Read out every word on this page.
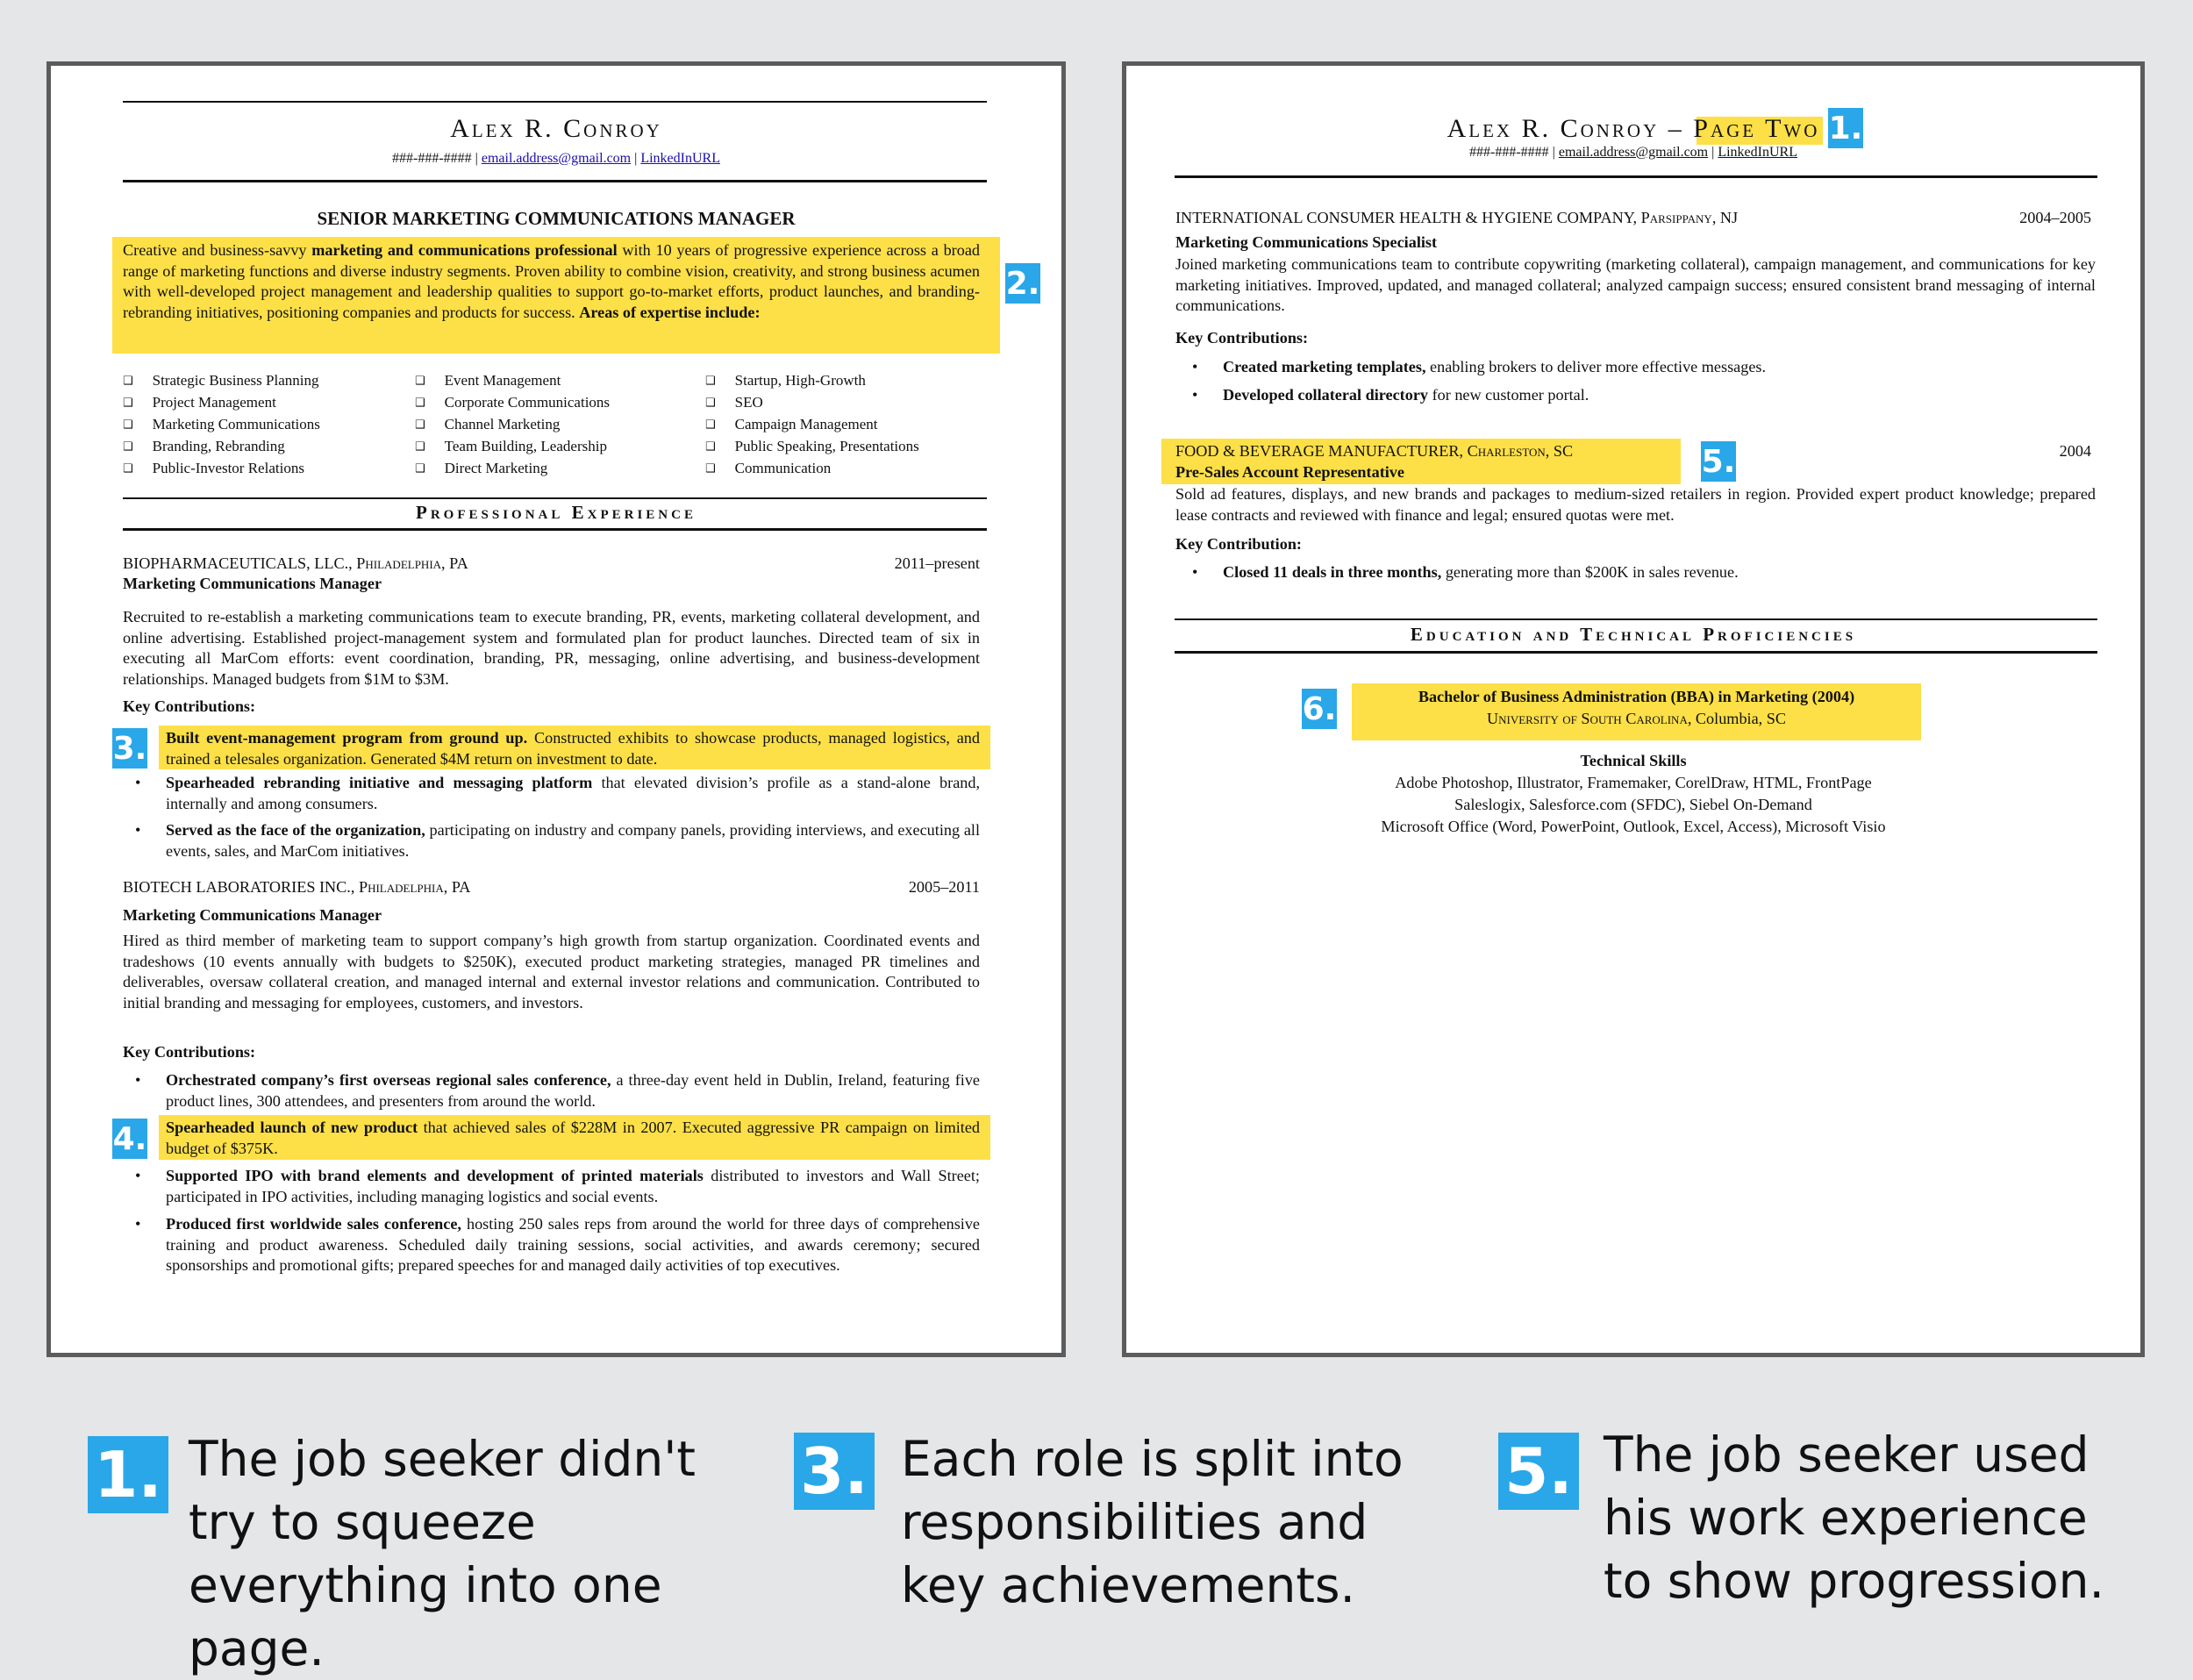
Alex R. Conroy
###-###-#### | email.address@gmail.com | LinkedInURL
SENIOR MARKETING COMMUNICATIONS MANAGER
Creative and business-savvy marketing and communications professional with 10 years of progressive experience across a broad range of marketing functions and diverse industry segments. Proven ability to combine vision, creativity, and strong business acumen with well-developed project management and leadership qualities to support go-to-market efforts, product launches, and branding-rebranding initiatives, positioning companies and products for success. Areas of expertise include:
2.
❑ Strategic Business Planning
❑ Project Management
❑ Marketing Communications
❑ Branding, Rebranding
❑ Public-Investor Relations
❑ Event Management
❑ Corporate Communications
❑ Channel Marketing
❑ Team Building, Leadership
❑ Direct Marketing
❑ Startup, High-Growth
❑ SEO
❑ Campaign Management
❑ Public Speaking, Presentations
❑ Communication
Professional Experience
BIOPHARMACEUTICALS, LLC., Philadelphia, PA	2011–present
Marketing Communications Manager
Recruited to re-establish a marketing communications team to execute branding, PR, events, marketing collateral development, and online advertising. Established project-management system and formulated plan for product launches. Directed team of six in executing all MarCom efforts: event coordination, branding, PR, messaging, online advertising, and business-development relationships. Managed budgets from $1M to $3M.
Key Contributions:
3. Built event-management program from ground up. Constructed exhibits to showcase products, managed logistics, and trained a telesales organization. Generated $4M return on investment to date.
• Spearheaded rebranding initiative and messaging platform that elevated division’s profile as a stand-alone brand, internally and among consumers.
• Served as the face of the organization, participating on industry and company panels, providing interviews, and executing all events, sales, and MarCom initiatives.
BIOTECH LABORATORIES INC., Philadelphia, PA	2005–2011
Marketing Communications Manager
Hired as third member of marketing team to support company’s high growth from startup organization. Coordinated events and tradeshows (10 events annually with budgets to $250K), executed product marketing strategies, managed PR timelines and deliverables, oversaw collateral creation, and managed internal and external investor relations and communication. Contributed to initial branding and messaging for employees, customers, and investors.
Key Contributions:
• Orchestrated company’s first overseas regional sales conference, a three-day event held in Dublin, Ireland, featuring five product lines, 300 attendees, and presenters from around the world.
4. Spearheaded launch of new product that achieved sales of $228M in 2007. Executed aggressive PR campaign on limited budget of $375K.
• Supported IPO with brand elements and development of printed materials distributed to investors and Wall Street; participated in IPO activities, including managing logistics and social events.
• Produced first worldwide sales conference, hosting 250 sales reps from around the world for three days of comprehensive training and product awareness. Scheduled daily training sessions, social activities, and awards ceremony; secured sponsorships and promotional gifts; prepared speeches for and managed daily activities of top executives.
Alex R. Conroy – Page Two 1.
###-###-#### | email.address@gmail.com | LinkedInURL
INTERNATIONAL CONSUMER HEALTH & HYGIENE COMPANY, Parsippany, NJ	2004–2005
Marketing Communications Specialist
Joined marketing communications team to contribute copywriting (marketing collateral), campaign management, and communications for key marketing initiatives. Improved, updated, and managed collateral; analyzed campaign success; ensured consistent brand messaging of internal communications.
Key Contributions:
• Created marketing templates, enabling brokers to deliver more effective messages.
• Developed collateral directory for new customer portal.
FOOD & BEVERAGE MANUFACTURER, Charleston, SC	5.	2004
Pre-Sales Account Representative
Sold ad features, displays, and new brands and packages to medium-sized retailers in region. Provided expert product knowledge; prepared lease contracts and reviewed with finance and legal; ensured quotas were met.
Key Contribution:
• Closed 11 deals in three months, generating more than $200K in sales revenue.
Education and Technical Proficiencies
6.	Bachelor of Business Administration (BBA) in Marketing (2004)
University of South Carolina, Columbia, SC
Technical Skills
Adobe Photoshop, Illustrator, Framemaker, CorelDraw, HTML, FrontPage
Saleslogix, Salesforce.com (SFDC), Siebel On-Demand
Microsoft Office (Word, PowerPoint, Outlook, Excel, Access), Microsoft Visio
1. The job seeker didn't try to squeeze everything into one page.
3. Each role is split into responsibilities and key achievements.
5. The job seeker used his work experience to show progression.
